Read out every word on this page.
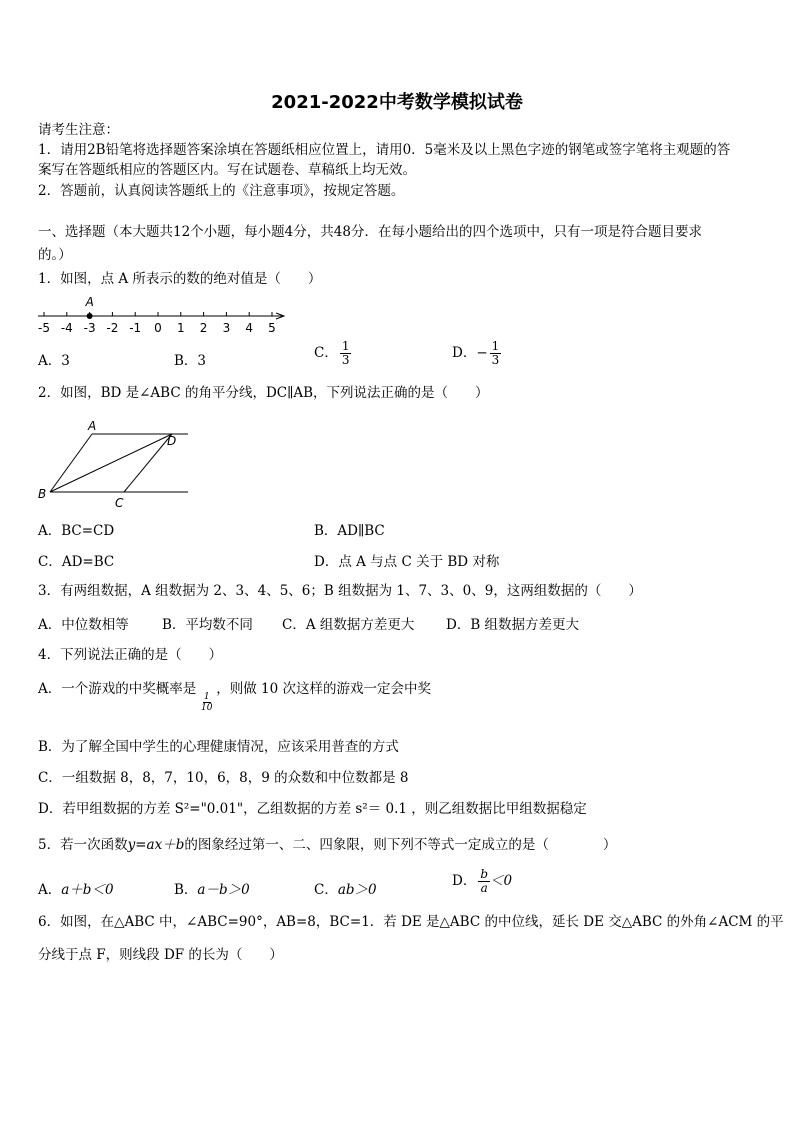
2021-2022中考数学模拟试卷
请考生注意：
1．请用2B铅笔将选择题答案涂填在答题纸相应位置上，请用0．5毫米及以上黑色字迹的钢笔或签字笔将主观题的答
案写在答题纸相应的答题区内。写在试题卷、草稿纸上均无效。
2．答题前，认真阅读答题纸上的《注意事项》，按规定答题。
一、选择题（本大题共12个小题，每小题4分，共48分．在每小题给出的四个选项中，只有一项是符合题目要求
的。）
1．如图，点 A 所表示的数的绝对值是（　　）
-5 -4 -3 -2 -1 0 1 2 3 4 5
A
A．3	B．3	C． $\frac{1}{3}$	D．− $\frac{1}{3}$
2．如图，BD 是∠ABC 的角平分线，DC∥AB，下列说法正确的是（　　）
A
B
C
D
A．BC=CD	B．AD∥BC
C．AD=BC	D．点 A 与点 C 关于 BD 对称
3．有两组数据，A 组数据为 2、3、4、5、6；B 组数据为 1、7、3、0、9，这两组数据的（　　）
A．中位数相等 B．平均数不同 C．A 组数据方差更大 D．B 组数据方差更大
4．下列说法正确的是（　　）
A．一个游戏的中奖概率是 ，则做 10 次这样的游戏一定会中奖
$\frac{1}{10}$
B．为了解全国中学生的心理健康情况，应该采用普查的方式
C．一组数据 8，8，7，10，6，8，9 的众数和中位数都是 8
D．若甲组数据的方差 S²="0.01"，乙组数据的方差 s²＝ 0.1 ，则乙组数据比甲组数据稳定
5．若一次函数y=ax＋b的图象经过第一、二、四象限，则下列不等式一定成立的是（　　　　）
A．a＋b＜0	B．a－b＞0	C．ab＞0
D． $\frac{b}{a} <0$
6．如图，在△ABC 中，∠ABC=90°，AB=8，BC=1．若 DE 是△ABC 的中位线，延长 DE 交△ABC 的外角∠ACM 的平
分线于点 F，则线段 DF 的长为（　　）
